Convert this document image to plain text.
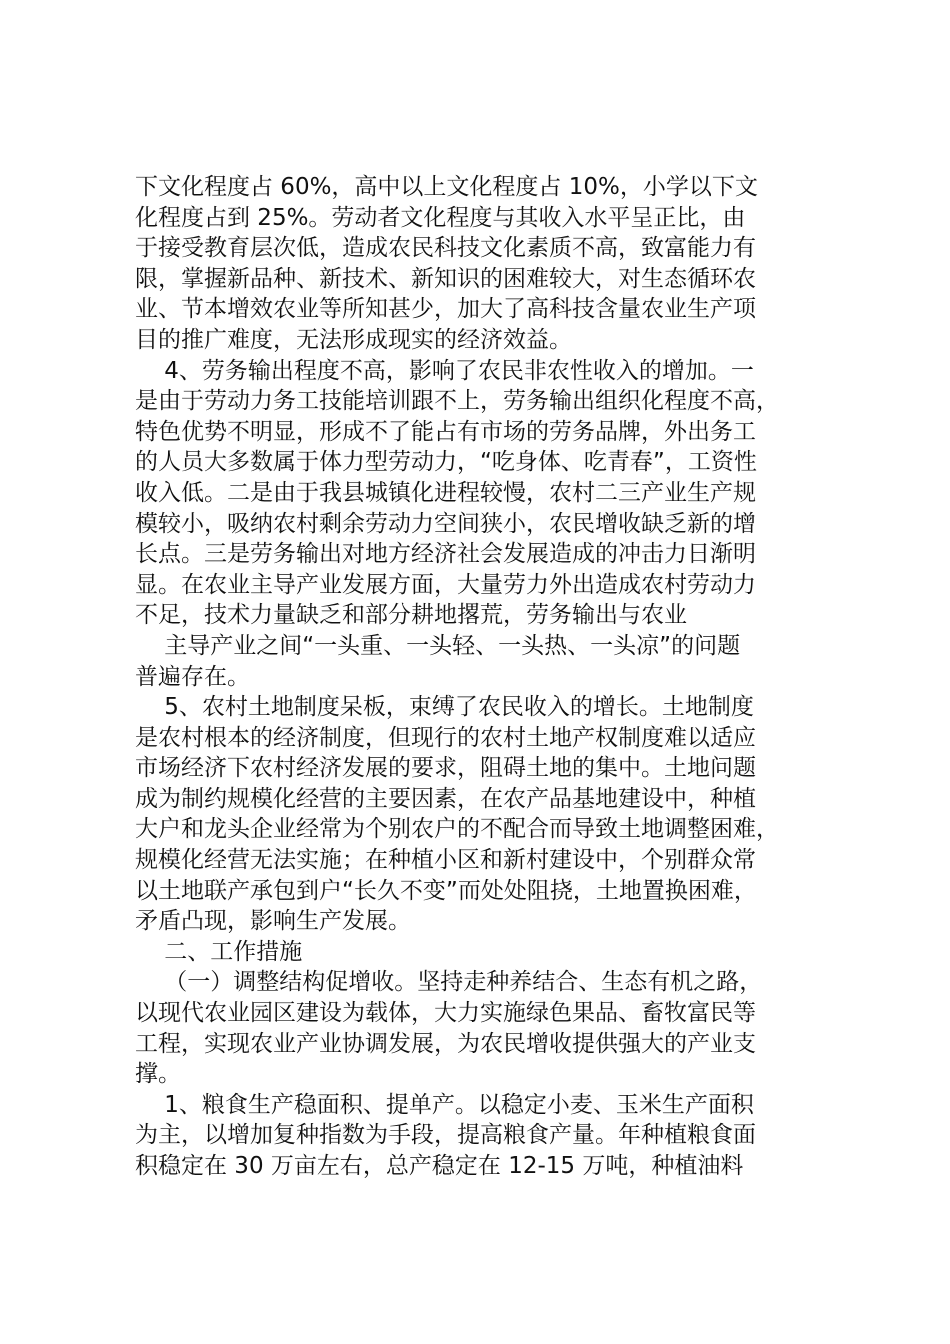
下文化程度占 60%，高中以上文化程度占 10%，小学以下文
化程度占到 25%。劳动者文化程度与其收入水平呈正比，由
于接受教育层次低，造成农民科技文化素质不高，致富能力有
限，掌握新品种、新技术、新知识的困难较大，对生态循环农
业、节本增效农业等所知甚少，加大了高科技含量农业生产项
目的推广难度，无法形成现实的经济效益。
4、劳务输出程度不高，影响了农民非农性收入的增加。一
是由于劳动力务工技能培训跟不上，劳务输出组织化程度不高，
特色优势不明显，形成不了能占有市场的劳务品牌，外出务工
的人员大多数属于体力型劳动力，“吃身体、吃青春”，工资性
收入低。二是由于我县城镇化进程较慢，农村二三产业生产规
模较小，吸纳农村剩余劳动力空间狭小，农民增收缺乏新的增
长点。三是劳务输出对地方经济社会发展造成的冲击力日渐明
显。在农业主导产业发展方面，大量劳力外出造成农村劳动力
不足，技术力量缺乏和部分耕地撂荒，劳务输出与农业
主导产业之间“一头重、一头轻、一头热、一头凉”的问题
普遍存在。
5、农村土地制度呆板，束缚了农民收入的增长。土地制度
是农村根本的经济制度，但现行的农村土地产权制度难以适应
市场经济下农村经济发展的要求，阻碍土地的集中。土地问题
成为制约规模化经营的主要因素，在农产品基地建设中，种植
大户和龙头企业经常为个别农户的不配合而导致土地调整困难，
规模化经营无法实施；在种植小区和新村建设中，个别群众常
以土地联产承包到户“长久不变”而处处阻挠，土地置换困难，
矛盾凸现，影响生产发展。
二、工作措施
（一）调整结构促增收。坚持走种养结合、生态有机之路，
以现代农业园区建设为载体，大力实施绿色果品、畜牧富民等
工程，实现农业产业协调发展，为农民增收提供强大的产业支
撑。
1、粮食生产稳面积、提单产。以稳定小麦、玉米生产面积
为主，以增加复种指数为手段，提高粮食产量。年种植粮食面
积稳定在 30 万亩左右，总产稳定在 12-15 万吨，种植油料
